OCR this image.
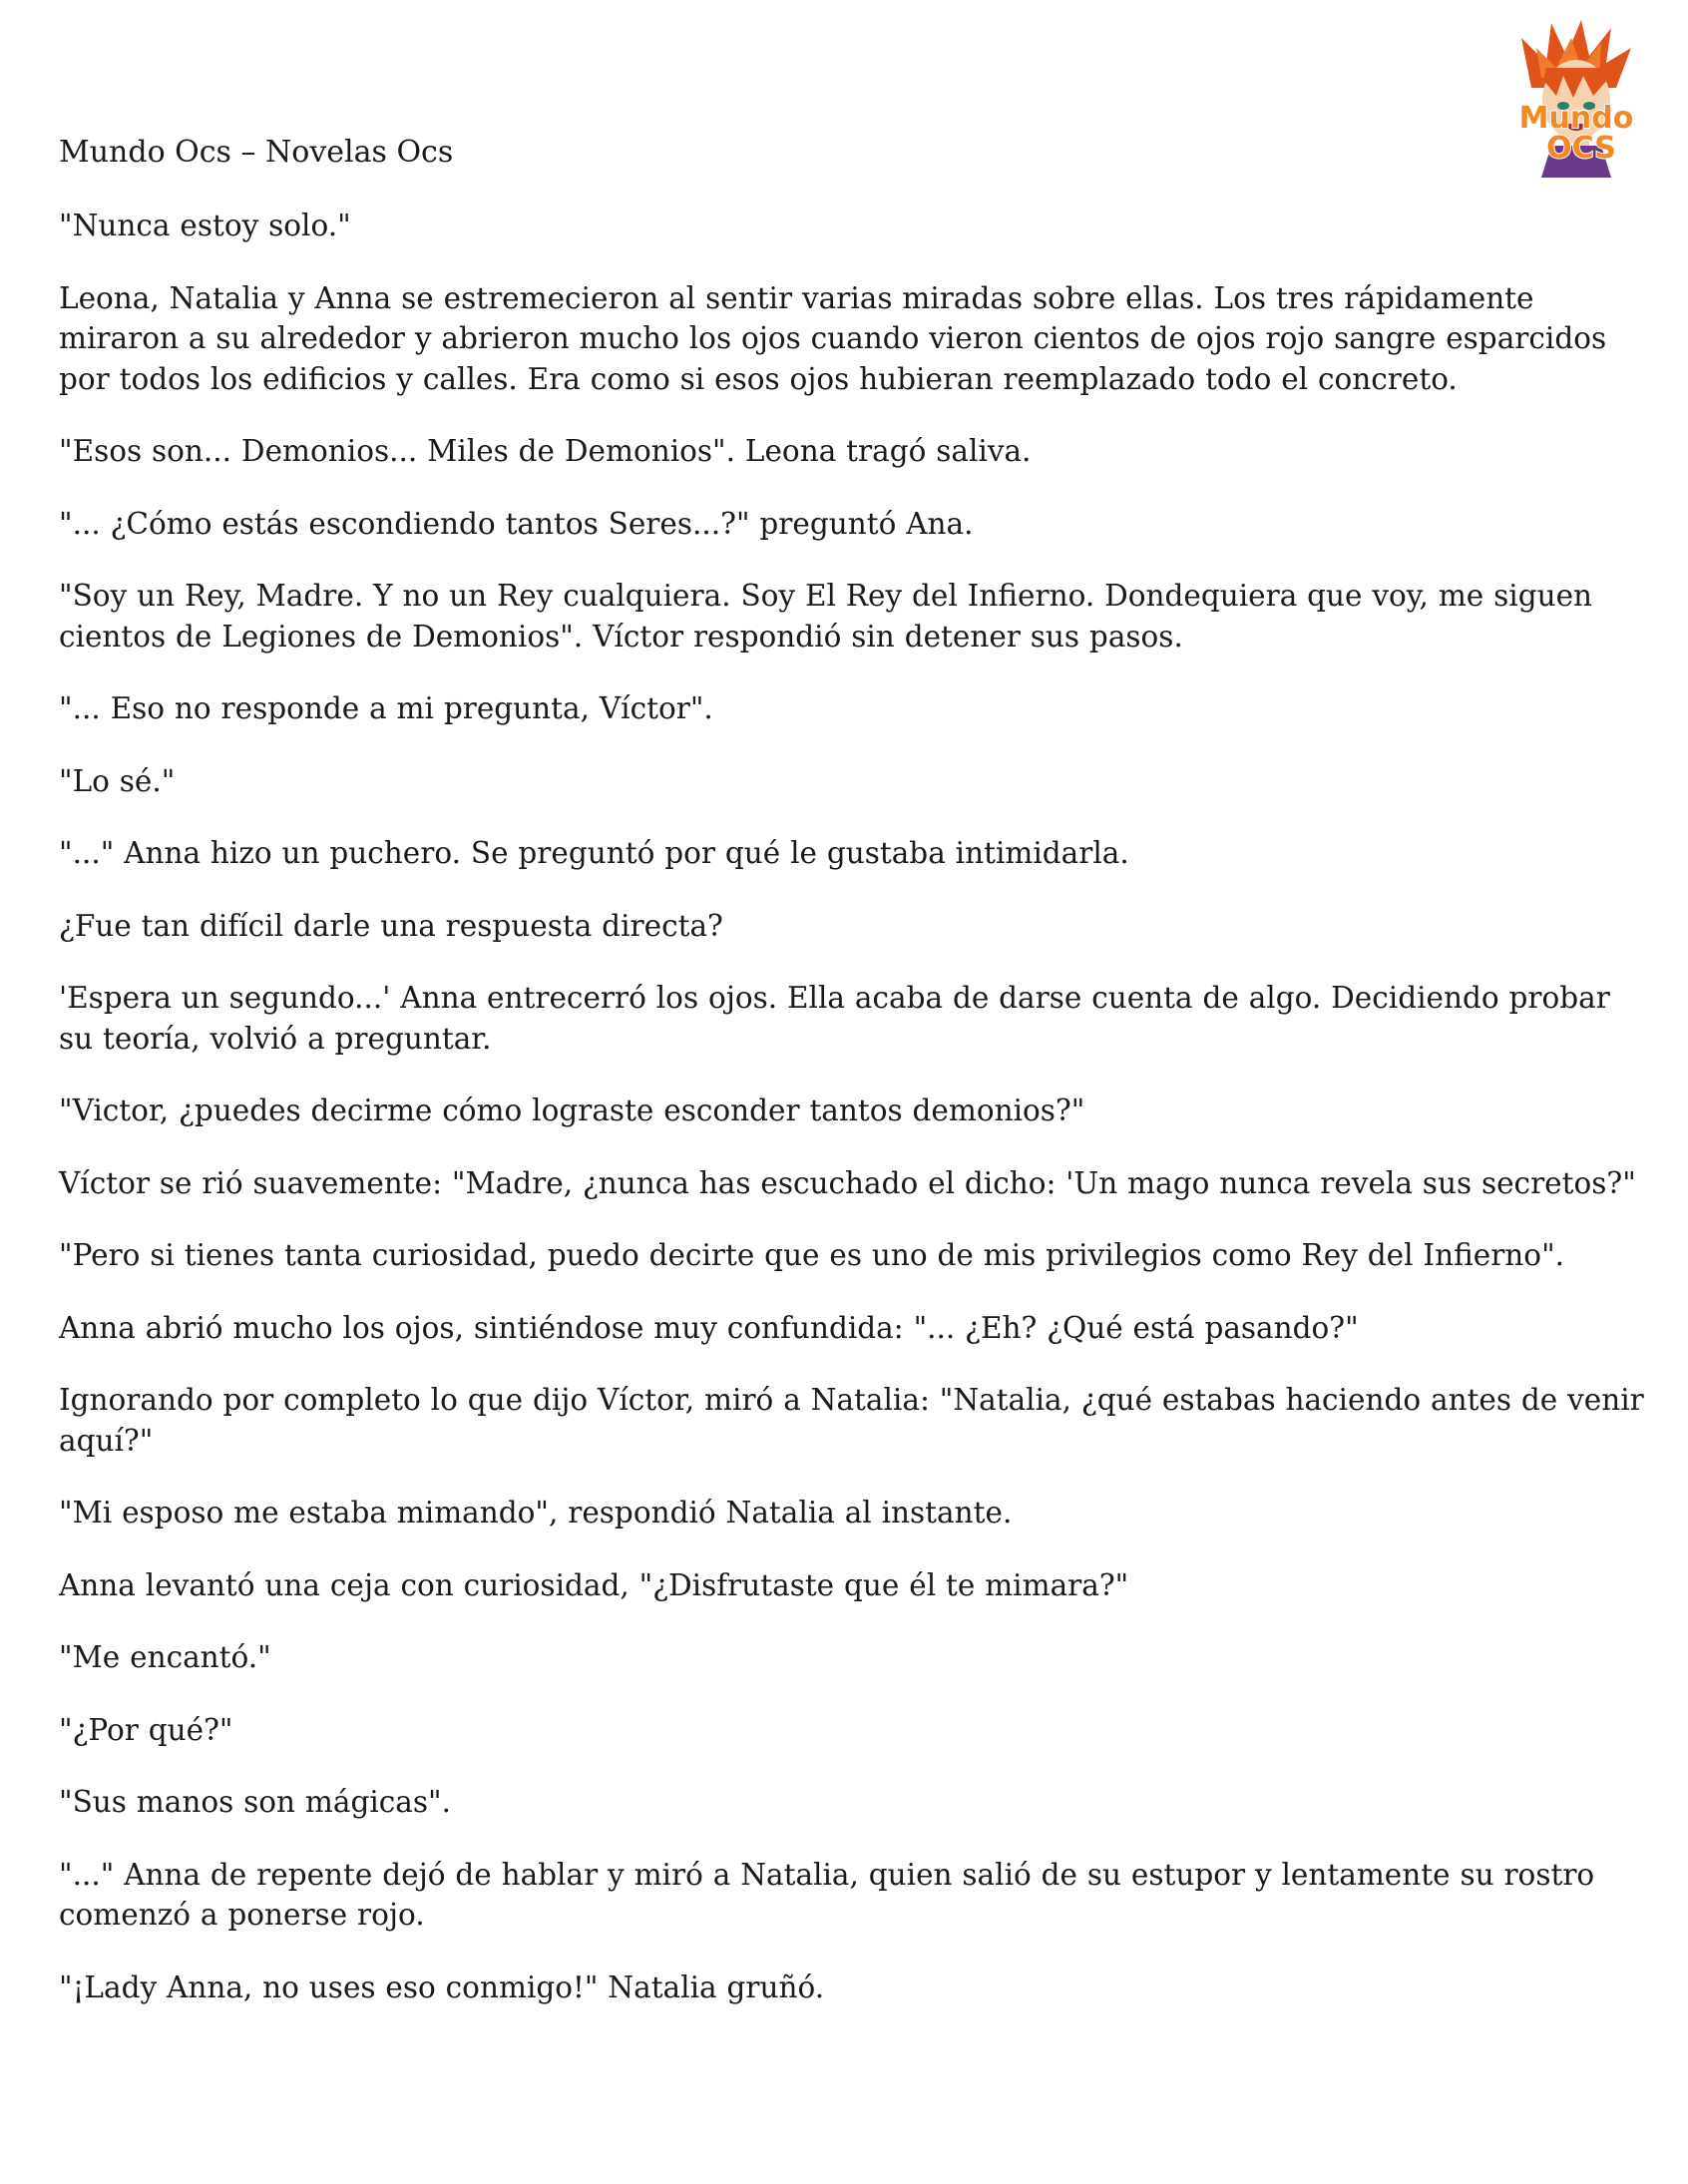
Mundo Ocs – Novelas Ocs
Mundo
OCS

"Nunca estoy solo."

Leona, Natalia y Anna se estremecieron al sentir varias miradas sobre ellas. Los tres rápidamente miraron a su alrededor y abrieron mucho los ojos cuando vieron cientos de ojos rojo sangre esparcidos por todos los edificios y calles. Era como si esos ojos hubieran reemplazado todo el concreto.

"Esos son... Demonios... Miles de Demonios". Leona tragó saliva.

"... ¿Cómo estás escondiendo tantos Seres...?" preguntó Ana.

"Soy un Rey, Madre. Y no un Rey cualquiera. Soy El Rey del Infierno. Dondequiera que voy, me siguen cientos de Legiones de Demonios". Víctor respondió sin detener sus pasos.

"... Eso no responde a mi pregunta, Víctor".

"Lo sé."

"..." Anna hizo un puchero. Se preguntó por qué le gustaba intimidarla.

¿Fue tan difícil darle una respuesta directa?

'Espera un segundo...' Anna entrecerró los ojos. Ella acaba de darse cuenta de algo. Decidiendo probar su teoría, volvió a preguntar.

"Victor, ¿puedes decirme cómo lograste esconder tantos demonios?"

Víctor se rió suavemente: "Madre, ¿nunca has escuchado el dicho: 'Un mago nunca revela sus secretos?"

"Pero si tienes tanta curiosidad, puedo decirte que es uno de mis privilegios como Rey del Infierno".

Anna abrió mucho los ojos, sintiéndose muy confundida: "... ¿Eh? ¿Qué está pasando?"

Ignorando por completo lo que dijo Víctor, miró a Natalia: "Natalia, ¿qué estabas haciendo antes de venir aquí?"

"Mi esposo me estaba mimando", respondió Natalia al instante.

Anna levantó una ceja con curiosidad, "¿Disfrutaste que él te mimara?"

"Me encantó."

"¿Por qué?"

"Sus manos son mágicas".

"..." Anna de repente dejó de hablar y miró a Natalia, quien salió de su estupor y lentamente su rostro comenzó a ponerse rojo.

"¡Lady Anna, no uses eso conmigo!" Natalia gruñó.
